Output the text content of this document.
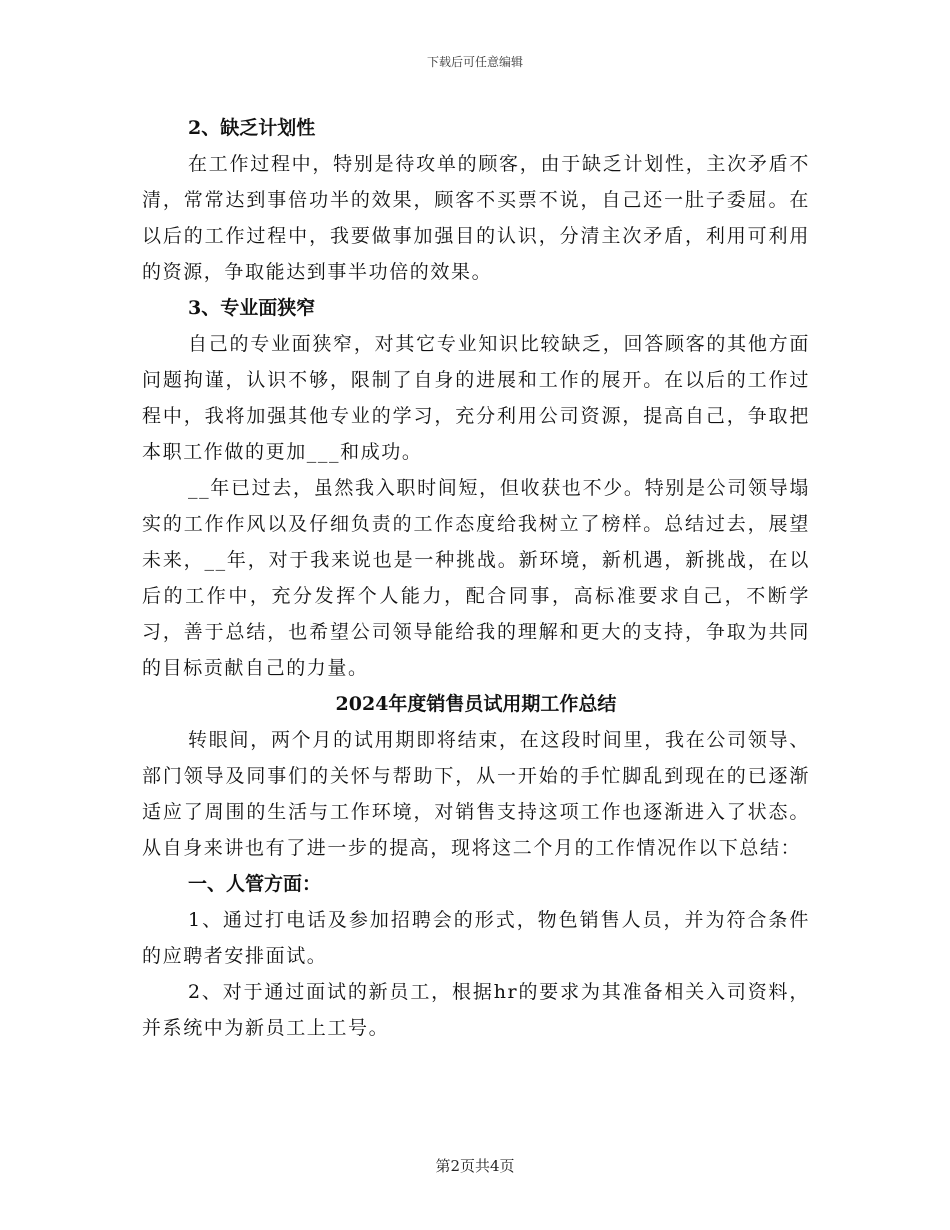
下载后可任意编辑

2、缺乏计划性

在工作过程中，特别是待攻单的顾客，由于缺乏计划性，主次矛盾不清，常常达到事倍功半的效果，顾客不买票不说，自己还一肚子委屈。在以后的工作过程中，我要做事加强目的认识，分清主次矛盾，利用可利用的资源，争取能达到事半功倍的效果。

3、专业面狭窄

自己的专业面狭窄，对其它专业知识比较缺乏，回答顾客的其他方面问题拘谨，认识不够，限制了自身的进展和工作的展开。在以后的工作过程中，我将加强其他专业的学习，充分利用公司资源，提高自己，争取把本职工作做的更加___和成功。

__年已过去，虽然我入职时间短，但收获也不少。特别是公司领导塌实的工作作风以及仔细负责的工作态度给我树立了榜样。总结过去，展望未来，__年，对于我来说也是一种挑战。新环境，新机遇，新挑战，在以后的工作中，充分发挥个人能力，配合同事，高标准要求自己，不断学习，善于总结，也希望公司领导能给我的理解和更大的支持，争取为共同的目标贡献自己的力量。

2024年度销售员试用期工作总结

转眼间，两个月的试用期即将结束，在这段时间里，我在公司领导、部门领导及同事们的关怀与帮助下，从一开始的手忙脚乱到现在的已逐渐适应了周围的生活与工作环境，对销售支持这项工作也逐渐进入了状态。从自身来讲也有了进一步的提高，现将这二个月的工作情况作以下总结：

一、人管方面：

1、通过打电话及参加招聘会的形式，物色销售人员，并为符合条件的应聘者安排面试。

2、对于通过面试的新员工，根据hr的要求为其准备相关入司资料，并系统中为新员工上工号。

第2页共4页
